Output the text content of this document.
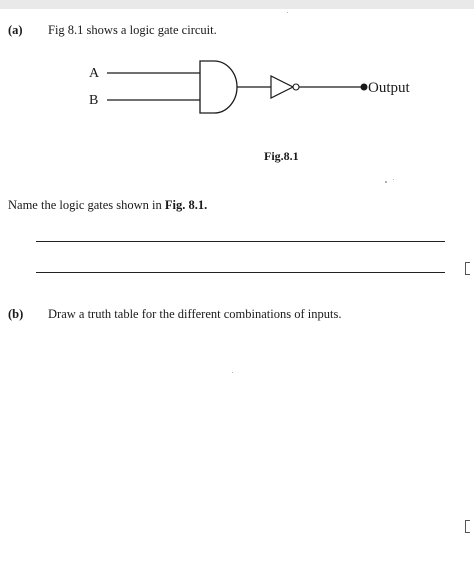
(a) Fig 8.1 shows a logic gate circuit.
A
B
Output
Fig.8.1
Name the logic gates shown in Fig. 8.1.
(b) Draw a truth table for the different combinations of inputs.
